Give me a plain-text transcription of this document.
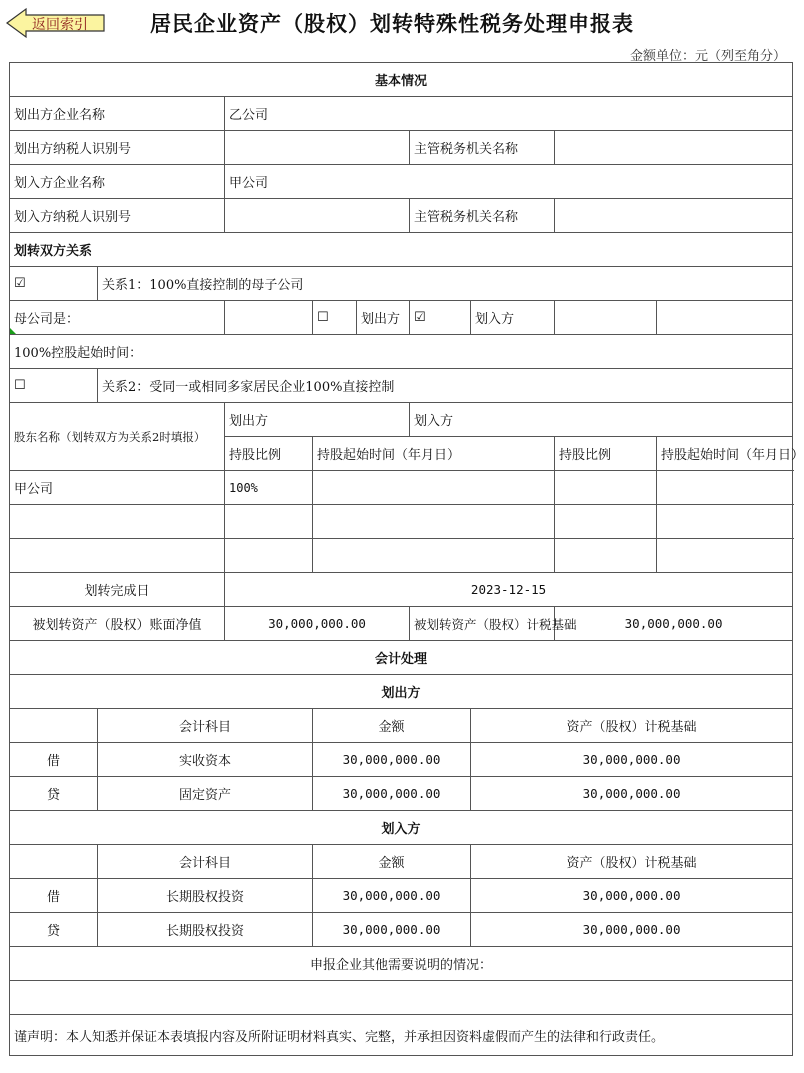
返回索引	居民企业资产（股权）划转特殊性税务处理申报表
金额单位：元（列至角分）
基本情况								
划出方企业名称		乙公司						
划出方纳税人识别号					主管税务机关名称			
划入方企业名称		甲公司						
划入方纳税人识别号					主管税务机关名称			
划转双方关系								
☑	关系1：100%直接控制的母子公司							
母公司是：			☐	划出方	☑	划入方		
100%控股起始时间：								
☐	关系2：受同一或相同多家居民企业100%直接控制							
股东名称（划转双方为关系2时填报）		划出方			划入方			
		持股比例	持股起始时间（年月日）				持股比例	持股起始时间（年月日）
甲公司		100%						

划转完成日		2023-12-15						
被划转资产（股权）账面净值		30,000,000.00			被划转资产（股权）计税基础		30,000,000.00	
会计处理								
划出方								
	会计科目		金额			资产（股权）计税基础		
借	实收资本		30,000,000.00			30,000,000.00		
贷	固定资产		30,000,000.00			30,000,000.00		
划入方								
	会计科目		金额			资产（股权）计税基础		
借	长期股权投资		30,000,000.00			30,000,000.00		
贷	长期股权投资		30,000,000.00			30,000,000.00		
申报企业其他需要说明的情况：								

谨声明：本人知悉并保证本表填报内容及所附证明材料真实、完整，并承担因资料虚假而产生的法律和行政责任。								
